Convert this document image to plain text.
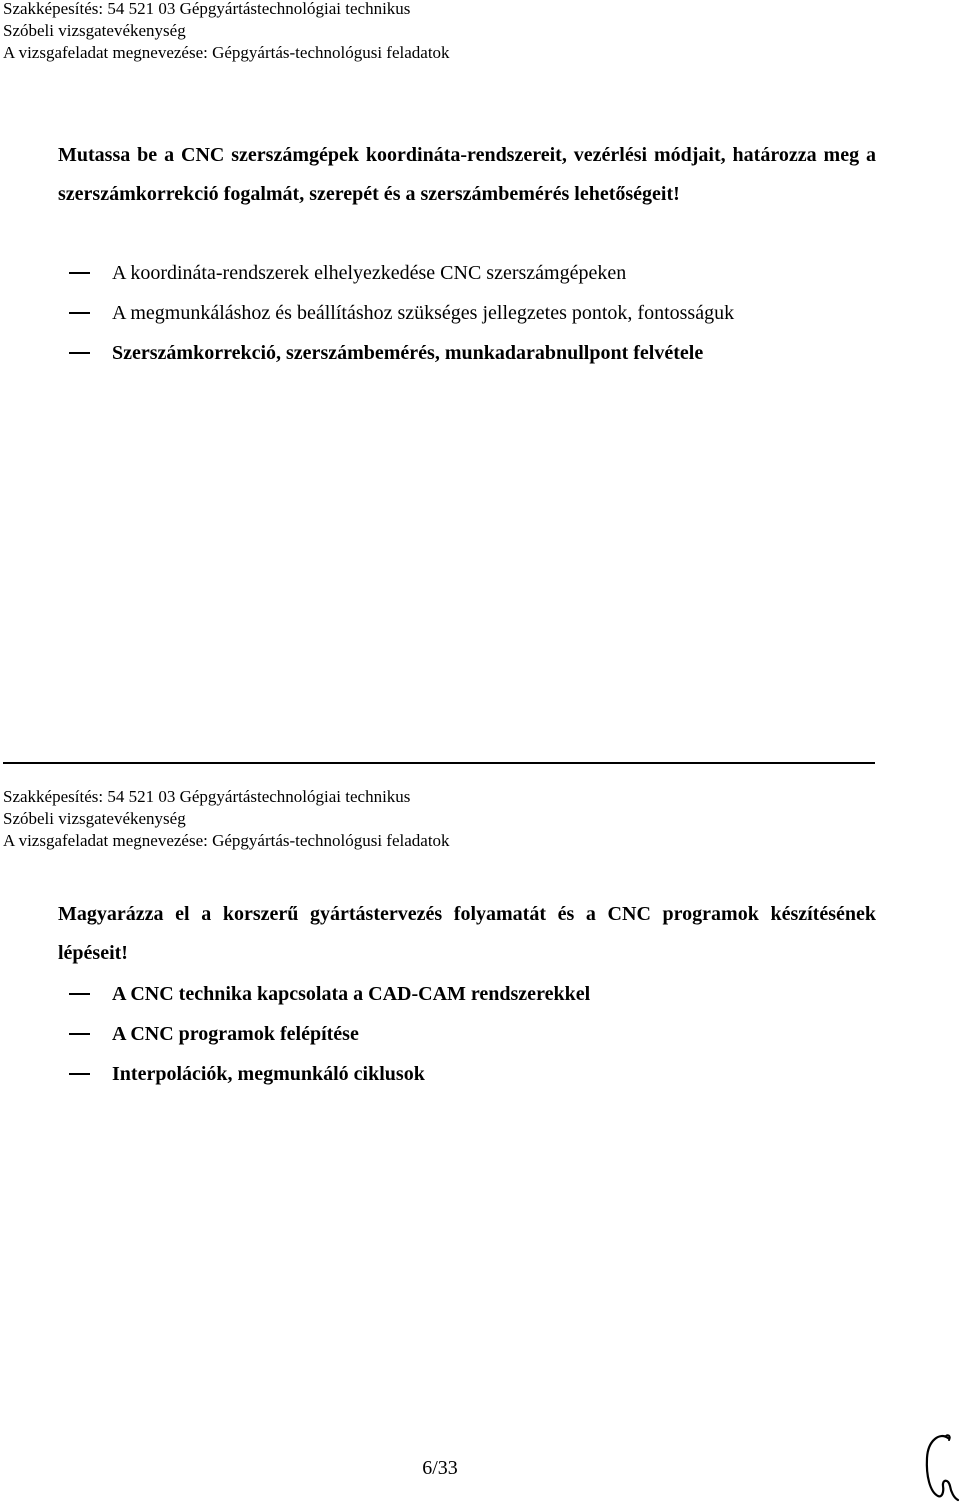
Szakképesítés: 54 521 03 Gépgyártástechnológiai technikus
Szóbeli vizsgatevékenység
A vizsgafeladat megnevezése: Gépgyártás-technológusi feladatok
Mutassa be a CNC szerszámgépek koordináta-rendszereit, vezérlési módjait, határozza meg a szerszámkorrekció fogalmát, szerepét és a szerszámbemérés lehetőségeit!
A koordináta-rendszerek elhelyezkedése CNC szerszámgépeken
A megmunkáláshoz és beállításhoz szükséges jellegzetes pontok, fontosságuk
Szerszámkorrekció, szerszámbemérés, munkadarabnullpont felvétele
Szakképesítés: 54 521 03 Gépgyártástechnológiai technikus
Szóbeli vizsgatevékenység
A vizsgafeladat megnevezése: Gépgyártás-technológusi feladatok
Magyarázza el a korszerű gyártástervezés folyamatát és a CNC programok készítésének lépéseit!
A CNC technika kapcsolata a CAD-CAM rendszerekkel
A CNC programok felépítése
Interpolációk, megmunkáló ciklusok
6/33
